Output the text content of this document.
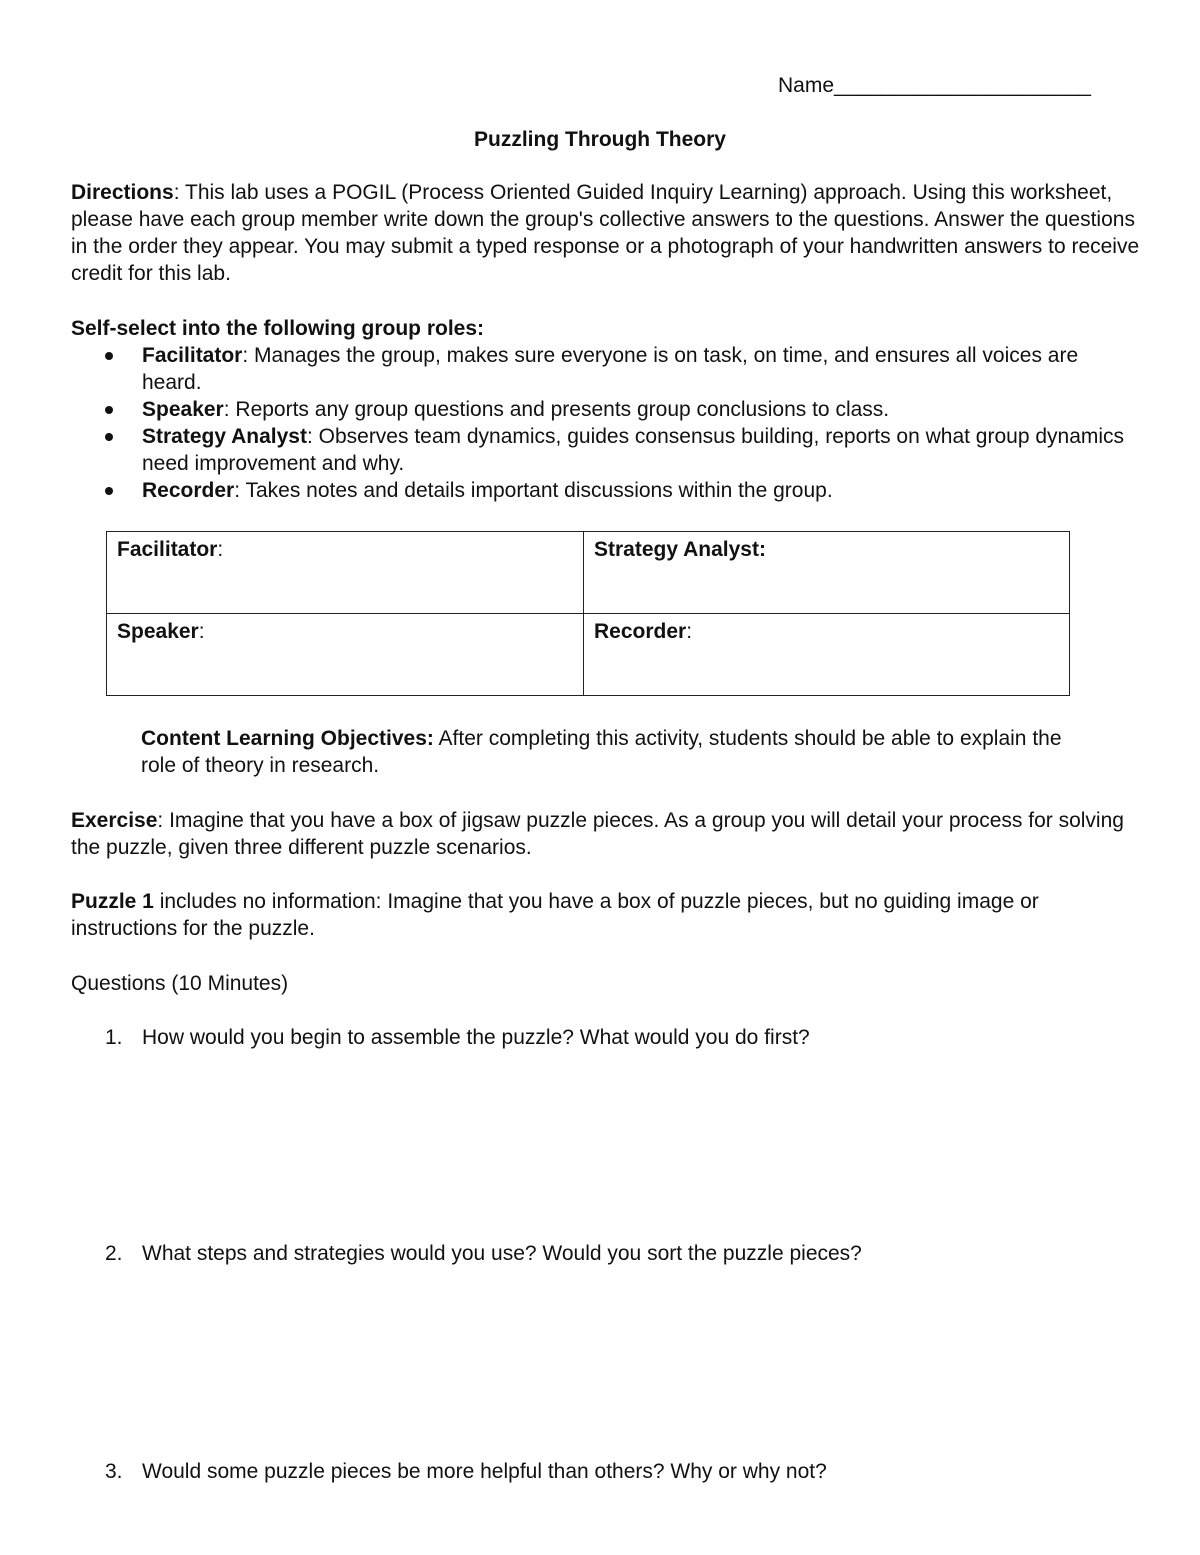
Name______________________
Puzzling Through Theory
Directions: This lab uses a POGIL (Process Oriented Guided Inquiry Learning) approach. Using this worksheet, please have each group member write down the group's collective answers to the questions. Answer the questions in the order they appear. You may submit a typed response or a photograph of your handwritten answers to receive credit for this lab.
Self-select into the following group roles:
Facilitator: Manages the group, makes sure everyone is on task, on time, and ensures all voices are heard.
Speaker: Reports any group questions and presents group conclusions to class.
Strategy Analyst: Observes team dynamics, guides consensus building, reports on what group dynamics need improvement and why.
Recorder: Takes notes and details important discussions within the group.
Facilitator:	Strategy Analyst:
Speaker:	Recorder:
Content Learning Objectives: After completing this activity, students should be able to explain the role of theory in research.
Exercise: Imagine that you have a box of jigsaw puzzle pieces. As a group you will detail your process for solving the puzzle, given three different puzzle scenarios.
Puzzle 1 includes no information: Imagine that you have a box of puzzle pieces, but no guiding image or instructions for the puzzle.
Questions (10 Minutes)
1. How would you begin to assemble the puzzle? What would you do first?
2. What steps and strategies would you use? Would you sort the puzzle pieces?
3. Would some puzzle pieces be more helpful than others? Why or why not?
